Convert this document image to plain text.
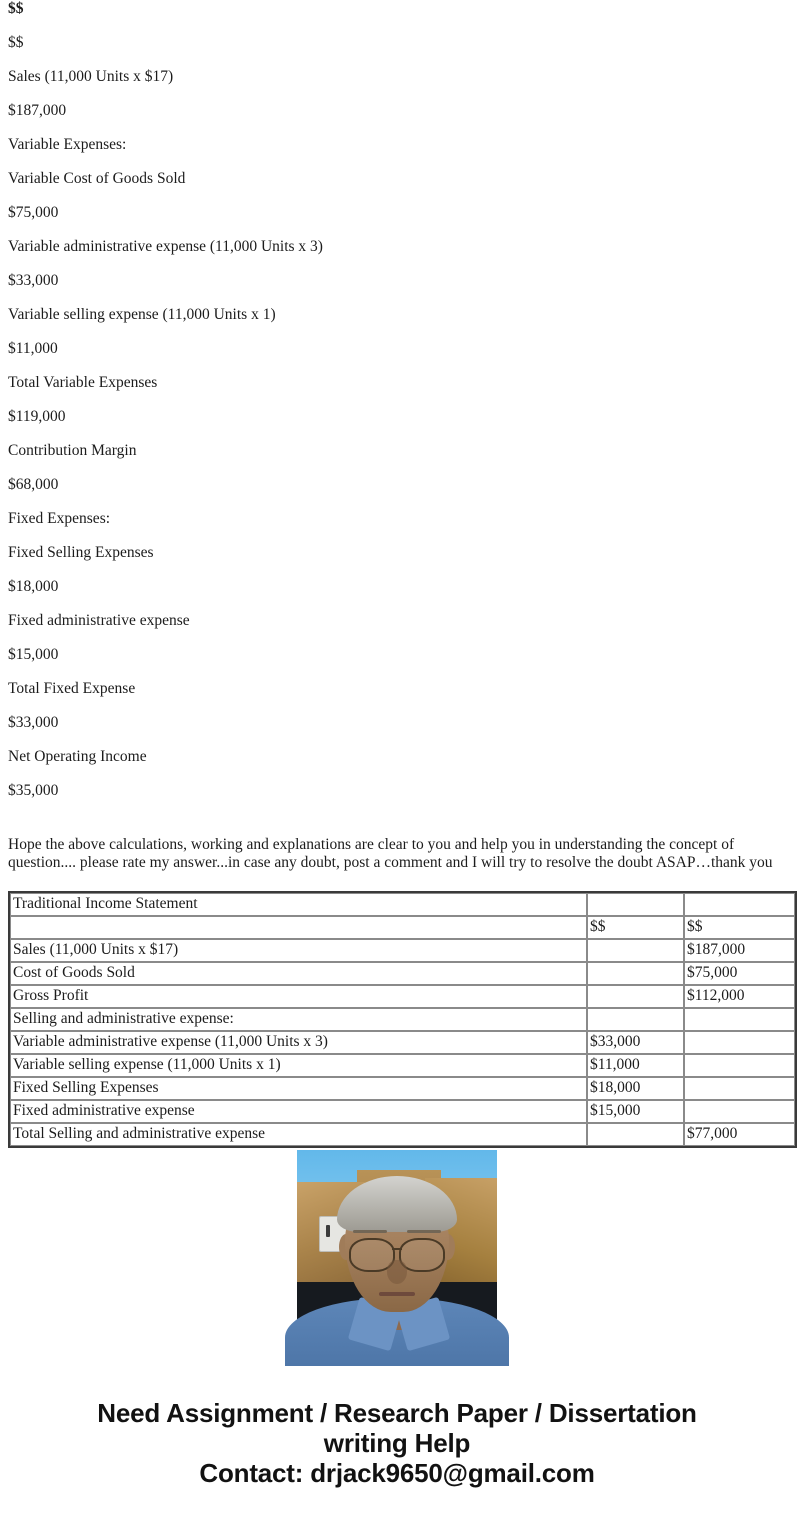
$$

$$

Sales (11,000 Units x $17)

$187,000

Variable Expenses:

Variable Cost of Goods Sold

$75,000

Variable administrative expense (11,000 Units x 3)

$33,000

Variable selling expense (11,000 Units x 1)

$11,000

Total Variable Expenses

$119,000

Contribution Margin

$68,000

Fixed Expenses:

Fixed Selling Expenses

$18,000

Fixed administrative expense

$15,000

Total Fixed Expense

$33,000

Net Operating Income

$35,000

Hope the above calculations, working and explanations are clear to you and help you in understanding the concept of question.... please rate my answer...in case any doubt, post a comment and I will try to resolve the doubt ASAP…thank you

Traditional Income Statement		
	$$	$$
Sales (11,000 Units x $17)		$187,000
Cost of Goods Sold		$75,000
Gross Profit		$112,000
Selling and administrative expense:		
Variable administrative expense (11,000 Units x 3)	$33,000	
Variable selling expense (11,000 Units x 1)	$11,000	
Fixed Selling Expenses	$18,000	
Fixed administrative expense	$15,000	
Total Selling and administrative expense		$77,000
Need Assignment / Research Paper / Dissertation
writing Help
Contact: drjack9650@gmail.com
